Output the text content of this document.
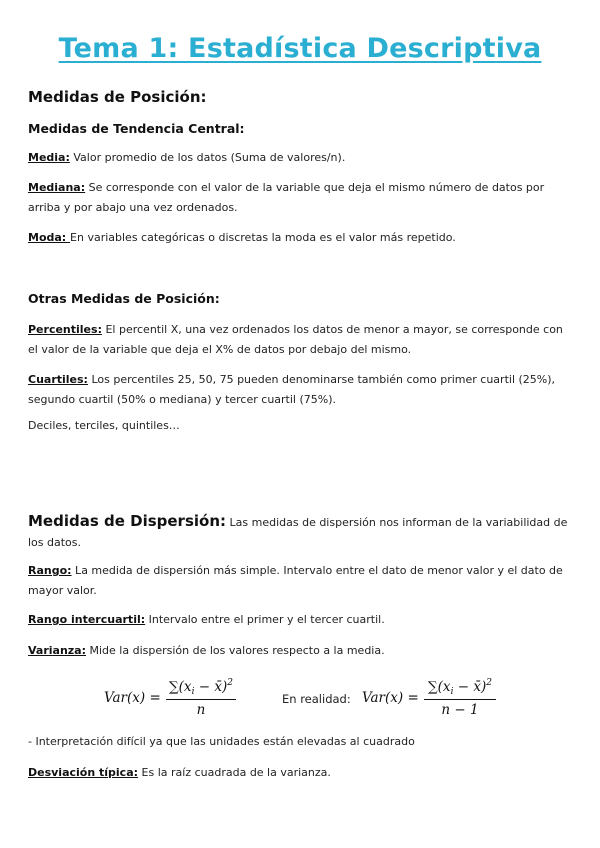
Tema 1: Estadística Descriptiva
Medidas de Posición:
Medidas de Tendencia Central:
Media: Valor promedio de los datos (Suma de valores/n).
Mediana: Se corresponde con el valor de la variable que deja el mismo número de datos por arriba y por abajo una vez ordenados.
Moda: En variables categóricas o discretas la moda es el valor más repetido.
Otras Medidas de Posición:
Percentiles: El percentil X, una vez ordenados los datos de menor a mayor, se corresponde con el valor de la variable que deja el X% de datos por debajo del mismo.
Cuartiles: Los percentiles 25, 50, 75 pueden denominarse también como primer cuartil (25%), segundo cuartil (50% o mediana) y tercer cuartil (75%).
Deciles, terciles, quintiles…
Medidas de Dispersión: Las medidas de dispersión nos informan de la variabilidad de los datos.
Rango: La medida de dispersión más simple. Intervalo entre el dato de menor valor y el dato de mayor valor.
Rango intercuartil: Intervalo entre el primer y el tercer cuartil.
Varianza: Mide la dispersión de los valores respecto a la media.
Var(x) =
$\sum(x_i$ − x̄)$^2$
n
En realidad: Var(x) =
$\sum(x_i$ − x̄)$^2$
n − 1
- Interpretación difícil ya que las unidades están elevadas al cuadrado
Desviación típica: Es la raíz cuadrada de la varianza.
